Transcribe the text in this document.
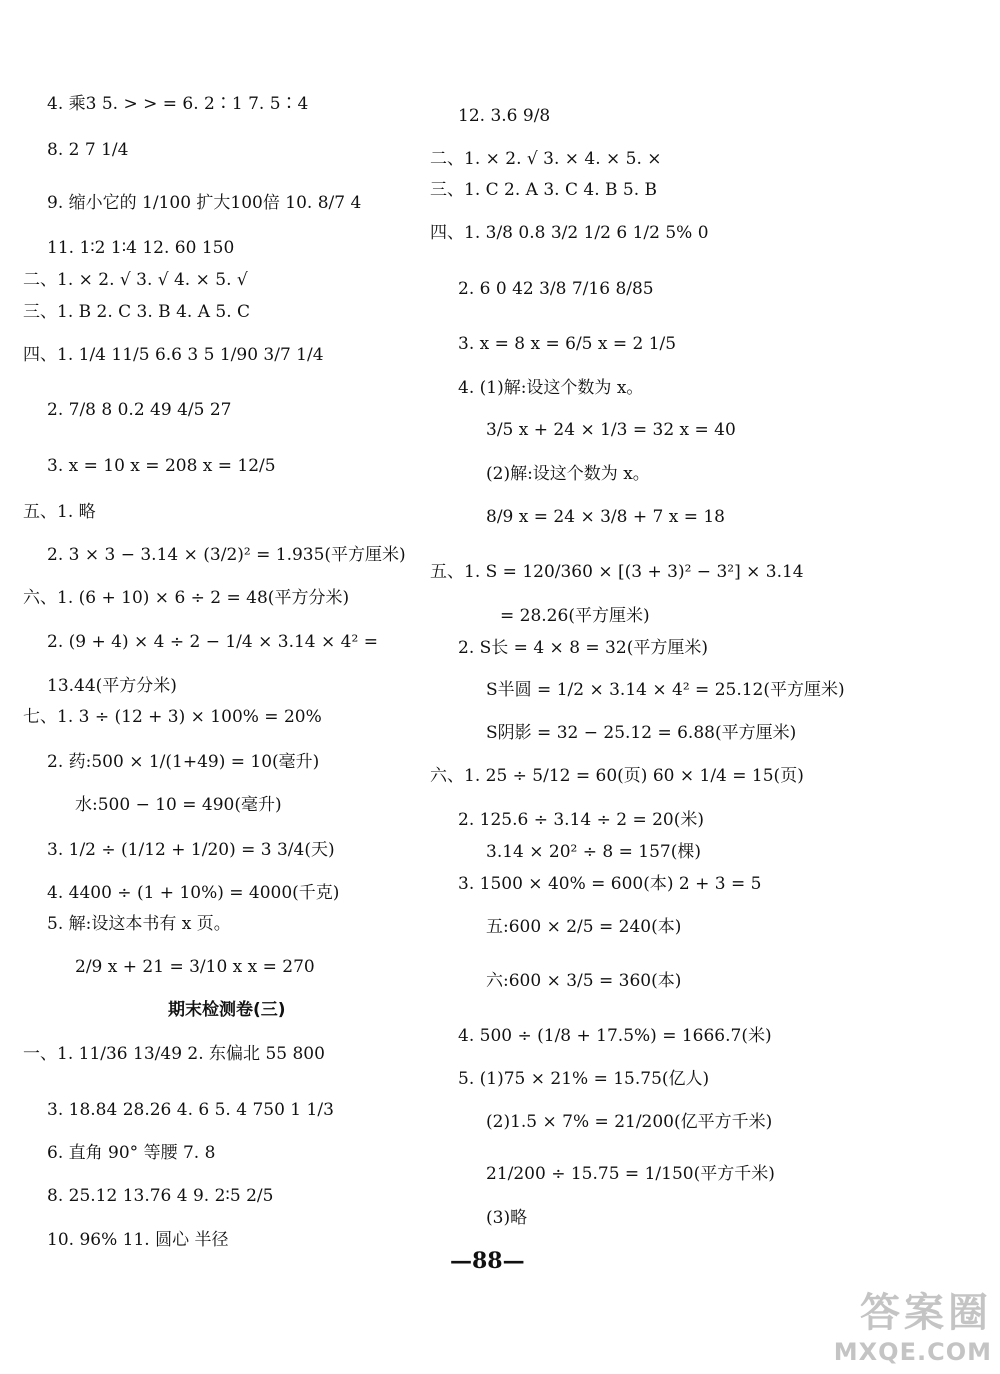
4. 乘3 5. > > = 6. 2∶1 7. 5∶4
8. 2 7 1/4
9. 缩小它的 1/100 扩大100倍 10. 8/7 4
11. 1∶2 1∶4 12. 60 150
二、1. × 2. √ 3. √ 4. × 5. √
三、1. B 2. C 3. B 4. A 5. C
四、1. 1/4 11/5 6.6 3 5 1/90 3/7 1/4
2. 7/8 8 0.2 49 4/5 27
3. x = 10 x = 208 x = 12/5
五、1. 略
2. 3 × 3 − 3.14 × (3/2)² = 1.935(平方厘米)
六、1. (6 + 10) × 6 ÷ 2 = 48(平方分米)
2. (9 + 4) × 4 ÷ 2 − 1/4 × 3.14 × 4² =
13.44(平方分米)
七、1. 3 ÷ (12 + 3) × 100% = 20%
2. 药:500 × 1/(1+49) = 10(毫升)
水:500 − 10 = 490(毫升)
3. 1/2 ÷ (1/12 + 1/20) = 3 3/4(天)
4. 4400 ÷ (1 + 10%) = 4000(千克)
5. 解:设这本书有 x 页。
2/9 x + 21 = 3/10 x x = 270
期末检测卷(三)
一、1. 11/36 13/49 2. 东偏北 55 800
3. 18.84 28.26 4. 6 5. 4 750 1 1/3
6. 直角 90° 等腰 7. 8
8. 25.12 13.76 4 9. 2∶5 2/5
10. 96% 11. 圆心 半径
12. 3.6 9/8
二、1. × 2. √ 3. × 4. × 5. ×
三、1. C 2. A 3. C 4. B 5. B
四、1. 3/8 0.8 3/2 1/2 6 1/2 5% 0
2. 6 0 42 3/8 7/16 8/85
3. x = 8 x = 6/5 x = 2 1/5
4. (1)解:设这个数为 x。
3/5 x + 24 × 1/3 = 32 x = 40
(2)解:设这个数为 x。
8/9 x = 24 × 3/8 + 7 x = 18
五、1. S = 120/360 × [(3 + 3)² − 3²] × 3.14
= 28.26(平方厘米)
2. S长 = 4 × 8 = 32(平方厘米)
S半圆 = 1/2 × 3.14 × 4² = 25.12(平方厘米)
S阴影 = 32 − 25.12 = 6.88(平方厘米)
六、1. 25 ÷ 5/12 = 60(页) 60 × 1/4 = 15(页)
2. 125.6 ÷ 3.14 ÷ 2 = 20(米)
3.14 × 20² ÷ 8 = 157(棵)
3. 1500 × 40% = 600(本) 2 + 3 = 5
五:600 × 2/5 = 240(本)
六:600 × 3/5 = 360(本)
4. 500 ÷ (1/8 + 17.5%) = 1666.7(米)
5. (1)75 × 21% = 15.75(亿人)
(2)1.5 × 7% = 21/200(亿平方千米)
21/200 ÷ 15.75 = 1/150(平方千米)
(3)略
—88—
答案圈
MXQE.COM
